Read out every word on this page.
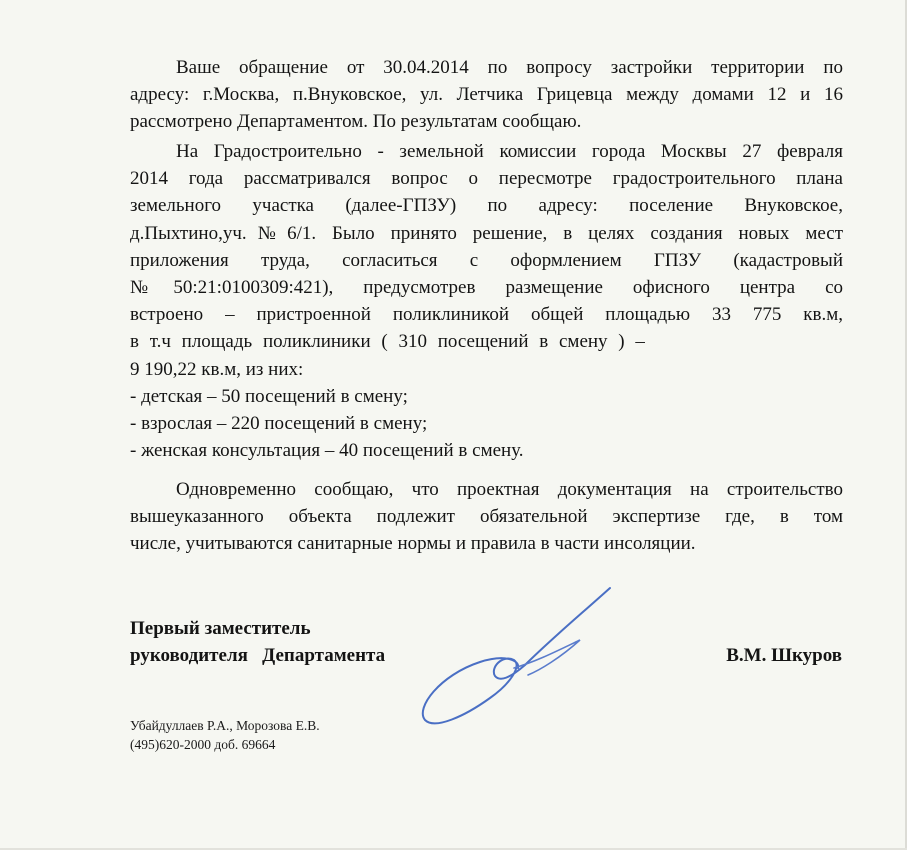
Ваше обращение от 30.04.2014 по вопросу застройки территории по
адресу: г.Москва, п.Внуковское, ул. Летчика Грицевца между домами 12 и 16
рассмотрено Департаментом. По результатам сообщаю.
На Градостроительно - земельной комиссии города Москвы 27 февраля
2014 года рассматривался вопрос о пересмотре градостроительного плана
земельного участка (далее-ГПЗУ) по адресу: поселение Внуковское,
д.Пыхтино,уч.№6/1. Было принято решение, в целях создания новых мест
приложения труда, согласиться с оформлением ГПЗУ (кадастровый
№50:21:0100309:421), предусмотрев размещение офисного центра со
встроено – пристроенной поликлиникой общей площадью 33 775 кв.м,
в т.ч площадь поликлиники ( 310 посещений в смену ) –
9 190,22 кв.м, из них:
- детская – 50 посещений в смену;
- взрослая – 220 посещений в смену;
- женская консультация – 40 посещений в смену.
Одновременно сообщаю, что проектная документация на строительство
вышеуказанного объекта подлежит обязательной экспертизе где, в том
числе, учитываются санитарные нормы и правила в части инсоляции.
Первый заместитель
руководителя   Департамента	В.М. Шкуров
Убайдуллаев Р.А., Морозова Е.В.
(495)620-2000 доб. 69664
